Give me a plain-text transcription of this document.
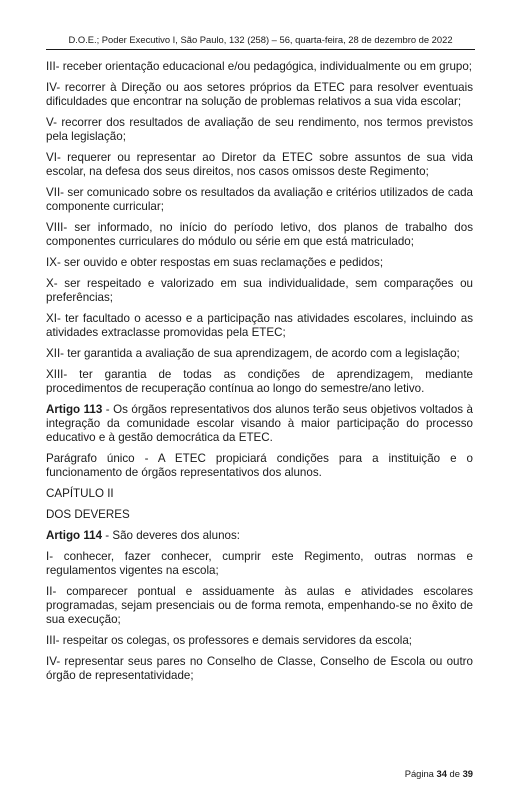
D.O.E.; Poder Executivo I, São Paulo, 132 (258) – 56, quarta-feira, 28 de dezembro de 2022

III- receber orientação educacional e/ou pedagógica, individualmente ou em grupo;

IV- recorrer à Direção ou aos setores próprios da ETEC para resolver eventuais dificuldades que encontrar na solução de problemas relativos a sua vida escolar;

V- recorrer dos resultados de avaliação de seu rendimento, nos termos previstos pela legislação;

VI- requerer ou representar ao Diretor da ETEC sobre assuntos de sua vida escolar, na defesa dos seus direitos, nos casos omissos deste Regimento;

VII- ser comunicado sobre os resultados da avaliação e critérios utilizados de cada componente curricular;

VIII- ser informado, no início do período letivo, dos planos de trabalho dos componentes curriculares do módulo ou série em que está matriculado;

IX- ser ouvido e obter respostas em suas reclamações e pedidos;

X- ser respeitado e valorizado em sua individualidade, sem comparações ou preferências;

XI- ter facultado o acesso e a participação nas atividades escolares, incluindo as atividades extraclasse promovidas pela ETEC;

XII- ter garantida a avaliação de sua aprendizagem, de acordo com a legislação;

XIII- ter garantia de todas as condições de aprendizagem, mediante procedimentos de recuperação contínua ao longo do semestre/ano letivo.

Artigo 113 - Os órgãos representativos dos alunos terão seus objetivos voltados à integração da comunidade escolar visando à maior participação do processo educativo e à gestão democrática da ETEC.

Parágrafo único - A ETEC propiciará condições para a instituição e o funcionamento de órgãos representativos dos alunos.

CAPÍTULO II

DOS DEVERES

Artigo 114 - São deveres dos alunos:

I- conhecer, fazer conhecer, cumprir este Regimento, outras normas e regulamentos vigentes na escola;

II- comparecer pontual e assiduamente às aulas e atividades escolares programadas, sejam presenciais ou de forma remota, empenhando-se no êxito de sua execução;

III- respeitar os colegas, os professores e demais servidores da escola;

IV- representar seus pares no Conselho de Classe, Conselho de Escola ou outro órgão de representatividade;

Página 34 de 39
